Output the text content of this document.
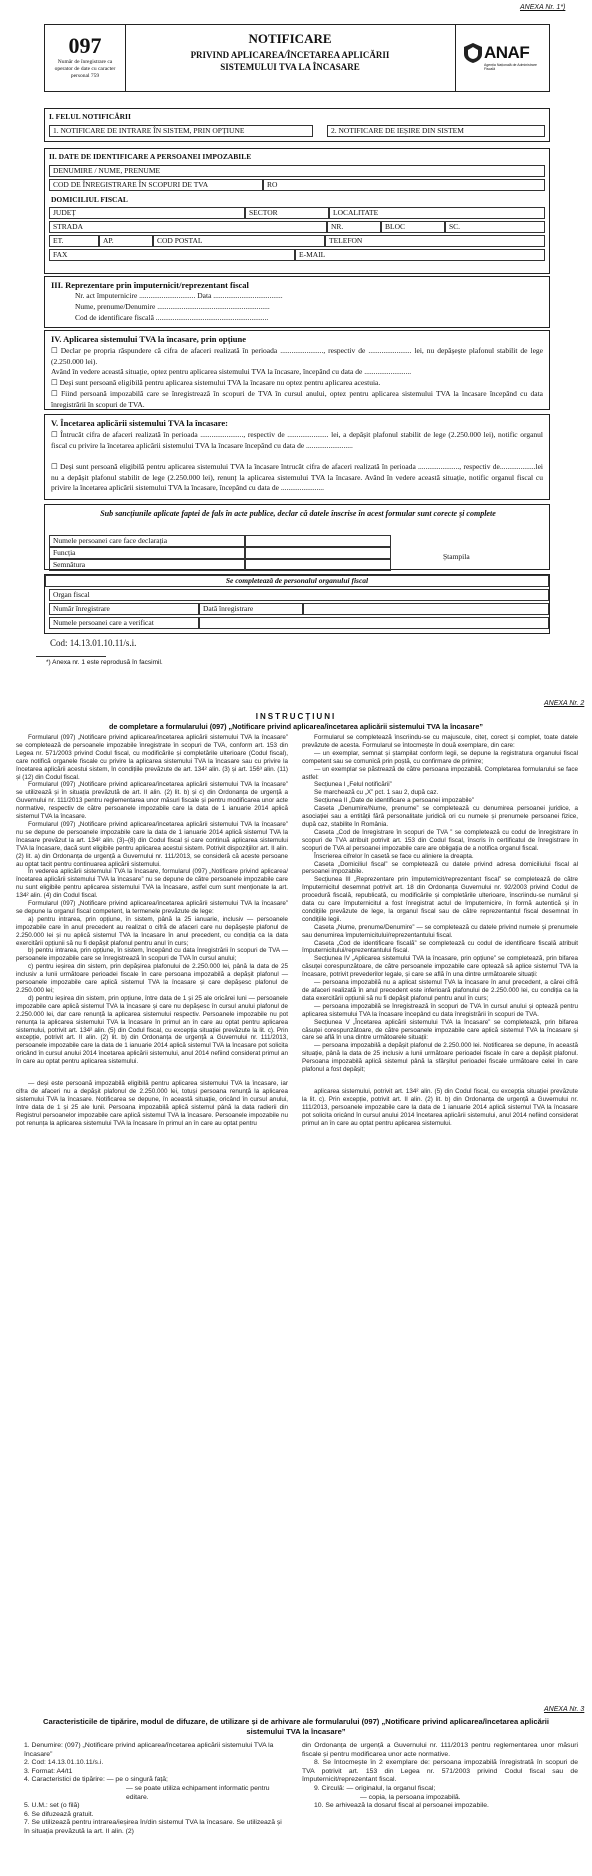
ANEXA Nr. 1*)
097
Număr de înregistrare ca operator de date cu caracter personal 759
NOTIFICARE
PRIVIND APLICAREA/ÎNCETAREA APLICĂRII
SISTEMULUI TVA LA ÎNCASARE
ANAF
Agenția Națională de Administrare Fiscală
I. FELUL NOTIFICĂRII
1. NOTIFICARE DE INTRARE ÎN SISTEM, PRIN OPȚIUNE	2. NOTIFICARE DE IEȘIRE DIN SISTEM
II. DATE DE IDENTIFICARE A PERSOANEI IMPOZABILE
DENUMIRE / NUME, PRENUME
COD DE ÎNREGISTRARE ÎN SCOPURI DE TVA	RO
DOMICILIUL FISCAL
JUDEȚ	SECTOR	LOCALITATE
STRADA	NR.	BLOC	SC.
ET.	AP.	COD POSTAL	TELEFON
FAX	E-MAIL
III. Reprezentare prin împuternicit/reprezentant fiscal
Nr. act împuternicire .............................. Data .....................................
Nume, prenume/Denumire ............................................................
Cod de identificare fiscală ............................................................
IV. Aplicarea sistemului TVA la încasare, prin opțiune
☐ Declar pe propria răspundere că cifra de afaceri realizată în perioada ......................., respectiv de ....................... lei, nu depășește plafonul stabilit de lege (2.250.000 lei).
Având în vedere această situație, optez pentru aplicarea sistemului TVA la încasare, începând cu data de .........................
☐ Deși sunt persoană eligibilă pentru aplicarea sistemului TVA la încasare nu optez pentru aplicarea acestuia.
☐ Fiind persoană impozabilă care se înregistrează în scopuri de TVA în cursul anului, optez pentru aplicarea sistemului TVA la încasare începând cu data înregistrării în scopuri de TVA.
V. Încetarea aplicării sistemului TVA la încasare:
☐ Întrucât cifra de afaceri realizată în perioada ......................., respectiv de ...................... lei, a depășit plafonul stabilit de lege (2.250.000 lei), notific organul fiscal cu privire la încetarea aplicării sistemului TVA la încasare începând cu data de .........................
☐ Deși sunt persoană eligibilă pentru aplicarea sistemului TVA la încasare întrucât cifra de afaceri realizată în perioada ......................, respectiv de...................lei nu a depășit plafonul stabilit de lege (2.250.000 lei), renunț la aplicarea sistemului TVA la încasare. Având în vedere această situație, notific organul fiscal cu privire la încetarea aplicării sistemului TVA la încasare, începând cu data de .......................
Sub sancțiunile aplicate faptei de fals în acte publice, declar că datele înscrise în acest formular sunt corecte și complete
Numele persoanei care face declarația
Funcția
Semnătura
Ștampila
Se completează de personalul organului fiscal
Organ fiscal
Număr înregistrare	Dată înregistrare
Numele persoanei care a verificat
Cod: 14.13.01.10.11/s.i.
*) Anexa nr. 1 este reprodusă în facsimil.
ANEXA Nr. 2
INSTRUCȚIUNI
de completare a formularului (097) „Notificare privind aplicarea/încetarea aplicării sistemului TVA la încasare”

Formularul (097) „Notificare privind aplicarea/încetarea aplicării sistemului TVA la încasare” se completează de persoanele impozabile înregistrate în scopuri de TVA, conform art. 153 din Legea nr. 571/2003 privind Codul fiscal, cu modificările și completările ulterioare (Codul fiscal), care notifică organele fiscale cu privire la aplicarea sistemului TVA la încasare sau cu privire la încetarea aplicării acestui sistem, în condițiile prevăzute de art. 134² alin. (3) și art. 156³ alin. (11) și (12) din Codul fiscal.

Formularul (097) „Notificare privind aplicarea/încetarea aplicării sistemului TVA la încasare” se utilizează și în situația prevăzută de art. II alin. (2) lit. b) și c) din Ordonanța de urgență a Guvernului nr. 111/2013 pentru reglementarea unor măsuri fiscale și pentru modificarea unor acte normative, respectiv de către persoanele impozabile care la data de 1 ianuarie 2014 aplică sistemul TVA la încasare.

Formularul (097) „Notificare privind aplicarea/încetarea aplicării sistemului TVA la încasare” nu se depune de persoanele impozabile care la data de 1 ianuarie 2014 aplică sistemul TVA la încasare prevăzut la art. 134² alin. (3)–(8) din Codul fiscal și care continuă aplicarea sistemului TVA la încasare, dacă sunt eligibile pentru aplicarea acestui sistem. Potrivit dispozițiilor art. II alin. (2) lit. a) din Ordonanța de urgență a Guvernului nr. 111/2013, se consideră că aceste persoane au optat tacit pentru continuarea aplicării sistemului.

În vederea aplicării sistemului TVA la încasare, formularul (097) „Notificare privind aplicarea/încetarea aplicării sistemului TVA la încasare” nu se depune de către persoanele impozabile care nu sunt eligibile pentru aplicarea sistemului TVA la încasare, astfel cum sunt menționate la art. 134² alin. (4) din Codul fiscal.

Formularul (097) „Notificare privind aplicarea/încetarea aplicării sistemului TVA la încasare” se depune la organul fiscal competent, la termenele prevăzute de lege:

a) pentru intrarea, prin opțiune, în sistem, până la 25 ianuarie, inclusiv — persoanele impozabile care în anul precedent au realizat o cifră de afaceri care nu depășește plafonul de 2.250.000 lei și nu aplică sistemul TVA la încasare în anul precedent, cu condiția ca la data exercitării opțiunii să nu fi depășit plafonul pentru anul în curs;

b) pentru intrarea, prin opțiune, în sistem, începând cu data înregistrării în scopuri de TVA — persoanele impozabile care se înregistrează în scopuri de TVA în cursul anului;

c) pentru ieșirea din sistem, prin depășirea plafonului de 2.250.000 lei, până la data de 25 inclusiv a lunii următoare perioadei fiscale în care persoana impozabilă a depășit plafonul — persoanele impozabile care aplică sistemul TVA la încasare și care depășesc plafonul de 2.250.000 lei;

d) pentru ieșirea din sistem, prin opțiune, între data de 1 și 25 ale oricărei luni — persoanele impozabile care aplică sistemul TVA la încasare și care nu depășesc în cursul anului plafonul de 2.250.000 lei, dar care renunță la aplicarea sistemului respectiv. Persoanele impozabile nu pot renunța la aplicarea sistemului TVA la încasare în primul an în care au optat pentru aplicarea sistemului, potrivit art. 134² alin. (5) din Codul fiscal, cu excepția situației prevăzute la lit. c). Prin excepție, potrivit art. II alin. (2) lit. b) din Ordonanța de urgență a Guvernului nr. 111/2013, persoanele impozabile care la data de 1 ianuarie 2014 aplică sistemul TVA la încasare pot solicita oricând în cursul anului 2014 încetarea aplicării sistemului, anul 2014 nefiind considerat primul an în care au optat pentru aplicarea sistemului.

— deși este persoană impozabilă eligibilă pentru aplicarea sistemului TVA la încasare, iar cifra de afaceri nu a depășit plafonul de 2.250.000 lei, totuși persoana renunță la aplicarea sistemului TVA la încasare. Notificarea se depune, în această situație, oricând în cursul anului, între data de 1 și 25 ale lunii. Persoana impozabilă aplică sistemul până la data radierii din Registrul persoanelor impozabile care aplică sistemul TVA la încasare. Persoanele impozabile nu pot renunța la aplicarea sistemului TVA la încasare în primul an în care au optat pentru

Formularul se completează înscriindu-se cu majuscule, citeț, corect și complet, toate datele prevăzute de acesta. Formularul se întocmește în două exemplare, din care:

— un exemplar, semnat și ștampilat conform legii, se depune la registratura organului fiscal competent sau se comunică prin poștă, cu confirmare de primire;

— un exemplar se păstrează de către persoana impozabilă. Completarea formularului se face astfel:

Secțiunea I „Felul notificării”

Se marchează cu „X” pct. 1 sau 2, după caz.

Secțiunea II „Date de identificare a persoanei impozabile”

Caseta „Denumire/Nume, prenume” se completează cu denumirea persoanei juridice, a asociației sau a entității fără personalitate juridică ori cu numele și prenumele persoanei fizice, după caz, stabilite în România.

Caseta „Cod de înregistrare în scopuri de TVA ” se completează cu codul de înregistrare în scopuri de TVA atribuit potrivit art. 153 din Codul fiscal, înscris în certificatul de înregistrare în scopuri de TVA al persoanei impozabile care are obligația de a notifica organul fiscal.

Înscrierea cifrelor în casetă se face cu aliniere la dreapta.

Caseta „Domiciliul fiscal” se completează cu datele privind adresa domiciliului fiscal al persoanei impozabile.

Secțiunea III „Reprezentare prin împuternicit/reprezentant fiscal” se completează de către împuternicitul desemnat potrivit art. 18 din Ordonanța Guvernului nr. 92/2003 privind Codul de procedură fiscală, republicată, cu modificările și completările ulterioare, înscriindu-se numărul și data cu care împuternicitul a fost înregistrat actul de împuternicire, în formă autentică și în condițiile prevăzute de lege, la organul fiscal sau de către reprezentantul fiscal desemnat în condițiile legii.

Caseta „Nume, prenume/Denumire” — se completează cu datele privind numele și prenumele sau denumirea împuternicitului/reprezentantului fiscal.

Caseta „Cod de identificare fiscală” se completează cu codul de identificare fiscală atribuit împuternicitului/reprezentantului fiscal.

Secțiunea IV „Aplicarea sistemului TVA la încasare, prin opțiune” se completează, prin bifarea căsuței corespunzătoare, de către persoanele impozabile care optează să aplice sistemul TVA la încasare, potrivit prevederilor legale, și care se află în una dintre următoarele situații:

— persoana impozabilă nu a aplicat sistemul TVA la încasare în anul precedent, a cărei cifră de afaceri realizată în anul precedent este inferioară plafonului de 2.250.000 lei, cu condiția ca la data exercitării opțiunii să nu fi depășit plafonul pentru anul în curs;

— persoana impozabilă se înregistrează în scopuri de TVA în cursul anului și optează pentru aplicarea sistemului TVA la încasare începând cu data înregistrării în scopuri de TVA.

Secțiunea V „Încetarea aplicării sistemului TVA la încasare” se completează, prin bifarea căsuței corespunzătoare, de către persoanele impozabile care aplică sistemul TVA la încasare și care se află în una dintre următoarele situații:

— persoana impozabilă a depășit plafonul de 2.250.000 lei. Notificarea se depune, în această situație, până la data de 25 inclusiv a lunii următoare perioadei fiscale în care a depășit plafonul. Persoana impozabilă aplică sistemul până la sfârșitul perioadei fiscale următoare celei în care plafonul a fost depășit;

aplicarea sistemului, potrivit art. 134² alin. (5) din Codul fiscal, cu excepția situației prevăzute la lit. c). Prin excepție, potrivit art. II alin. (2) lit. b) din Ordonanța de urgență a Guvernului nr. 111/2013, persoanele impozabile care la data de 1 ianuarie 2014 aplică sistemul TVA la încasare pot solicita oricând în cursul anului 2014 încetarea aplicării sistemului, anul 2014 nefiind considerat primul an în care au optat pentru aplicarea sistemului.

ANEXA Nr. 3
Caracteristicile de tipărire, modul de difuzare, de utilizare și de arhivare ale formularului (097) „Notificare privind aplicarea/încetarea aplicării sistemului TVA la încasare”

1. Denumire: (097) „Notificare privind aplicarea/încetarea aplicării sistemului TVA la încasare”

2. Cod: 14.13.01.10.11/s.i.

3. Format: A4/t1

4. Caracteristici de tipărire: — pe o singură față;

— se poate utiliza echipament informatic pentru editare.

5. U.M.: set (o filă)

6. Se difuzează gratuit.

7. Se utilizează pentru intrarea/ieșirea în/din sistemul TVA la încasare. Se utilizează și în situația prevăzută la art. II alin. (2)

din Ordonanța de urgență a Guvernului nr. 111/2013 pentru reglementarea unor măsuri fiscale și pentru modificarea unor acte normative.

8. Se întocmește în 2 exemplare de: persoana impozabilă înregistrată în scopuri de TVA potrivit art. 153 din Legea nr. 571/2003 privind Codul fiscal sau de împuternicit/reprezentant fiscal.

9. Circulă: — originalul, la organul fiscal;

— copia, la persoana impozabilă.

10. Se arhivează la dosarul fiscal al persoanei impozabile.
